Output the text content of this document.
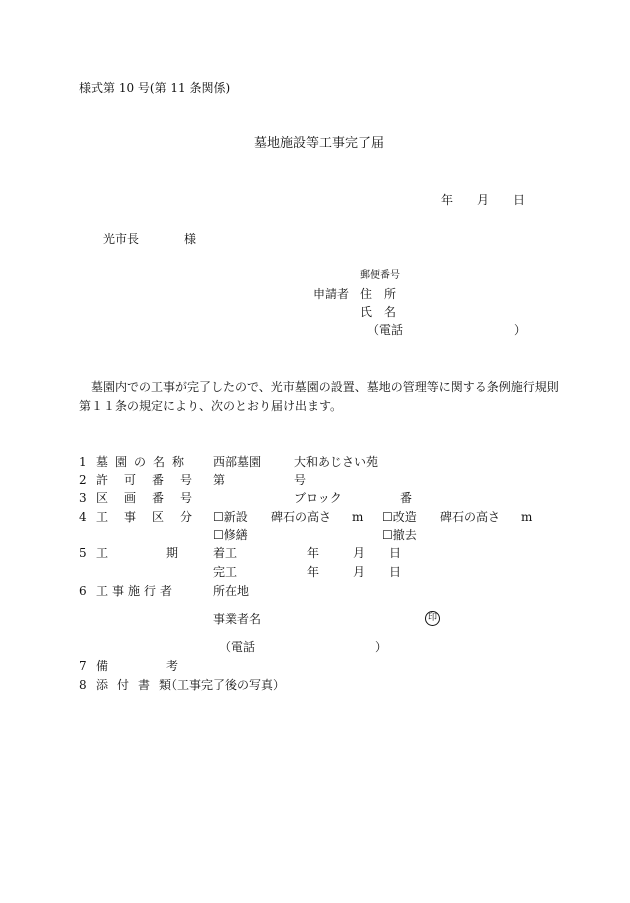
様式第 10 号(第 11 条関係)
墓地施設等工事完了届
年 月 日
光市長	様
郵便番号
申請者 住　所
氏　名
（電話	）
墓園内での工事が完了したので、光市墓園の設置、墓地の管理等に関する条例施行規則
第１１条の規定により、次のとおり届け出ます。
1 墓園の名称 西部墓園	大和あじさい苑
2 許可番号 第	号
3 区画番号	ブロック	番
4 工事区分 ☐新設 碑石の高さ m ☐改造 碑石の高さ m
☐修繕	☐撤去
5 工	期	着工	年	月 日
完工	年	月 日
6 工事施行者	所在地
事業者名	印
（電話	）
7 備	考
8 添付書類
（工事完了後の写真）
